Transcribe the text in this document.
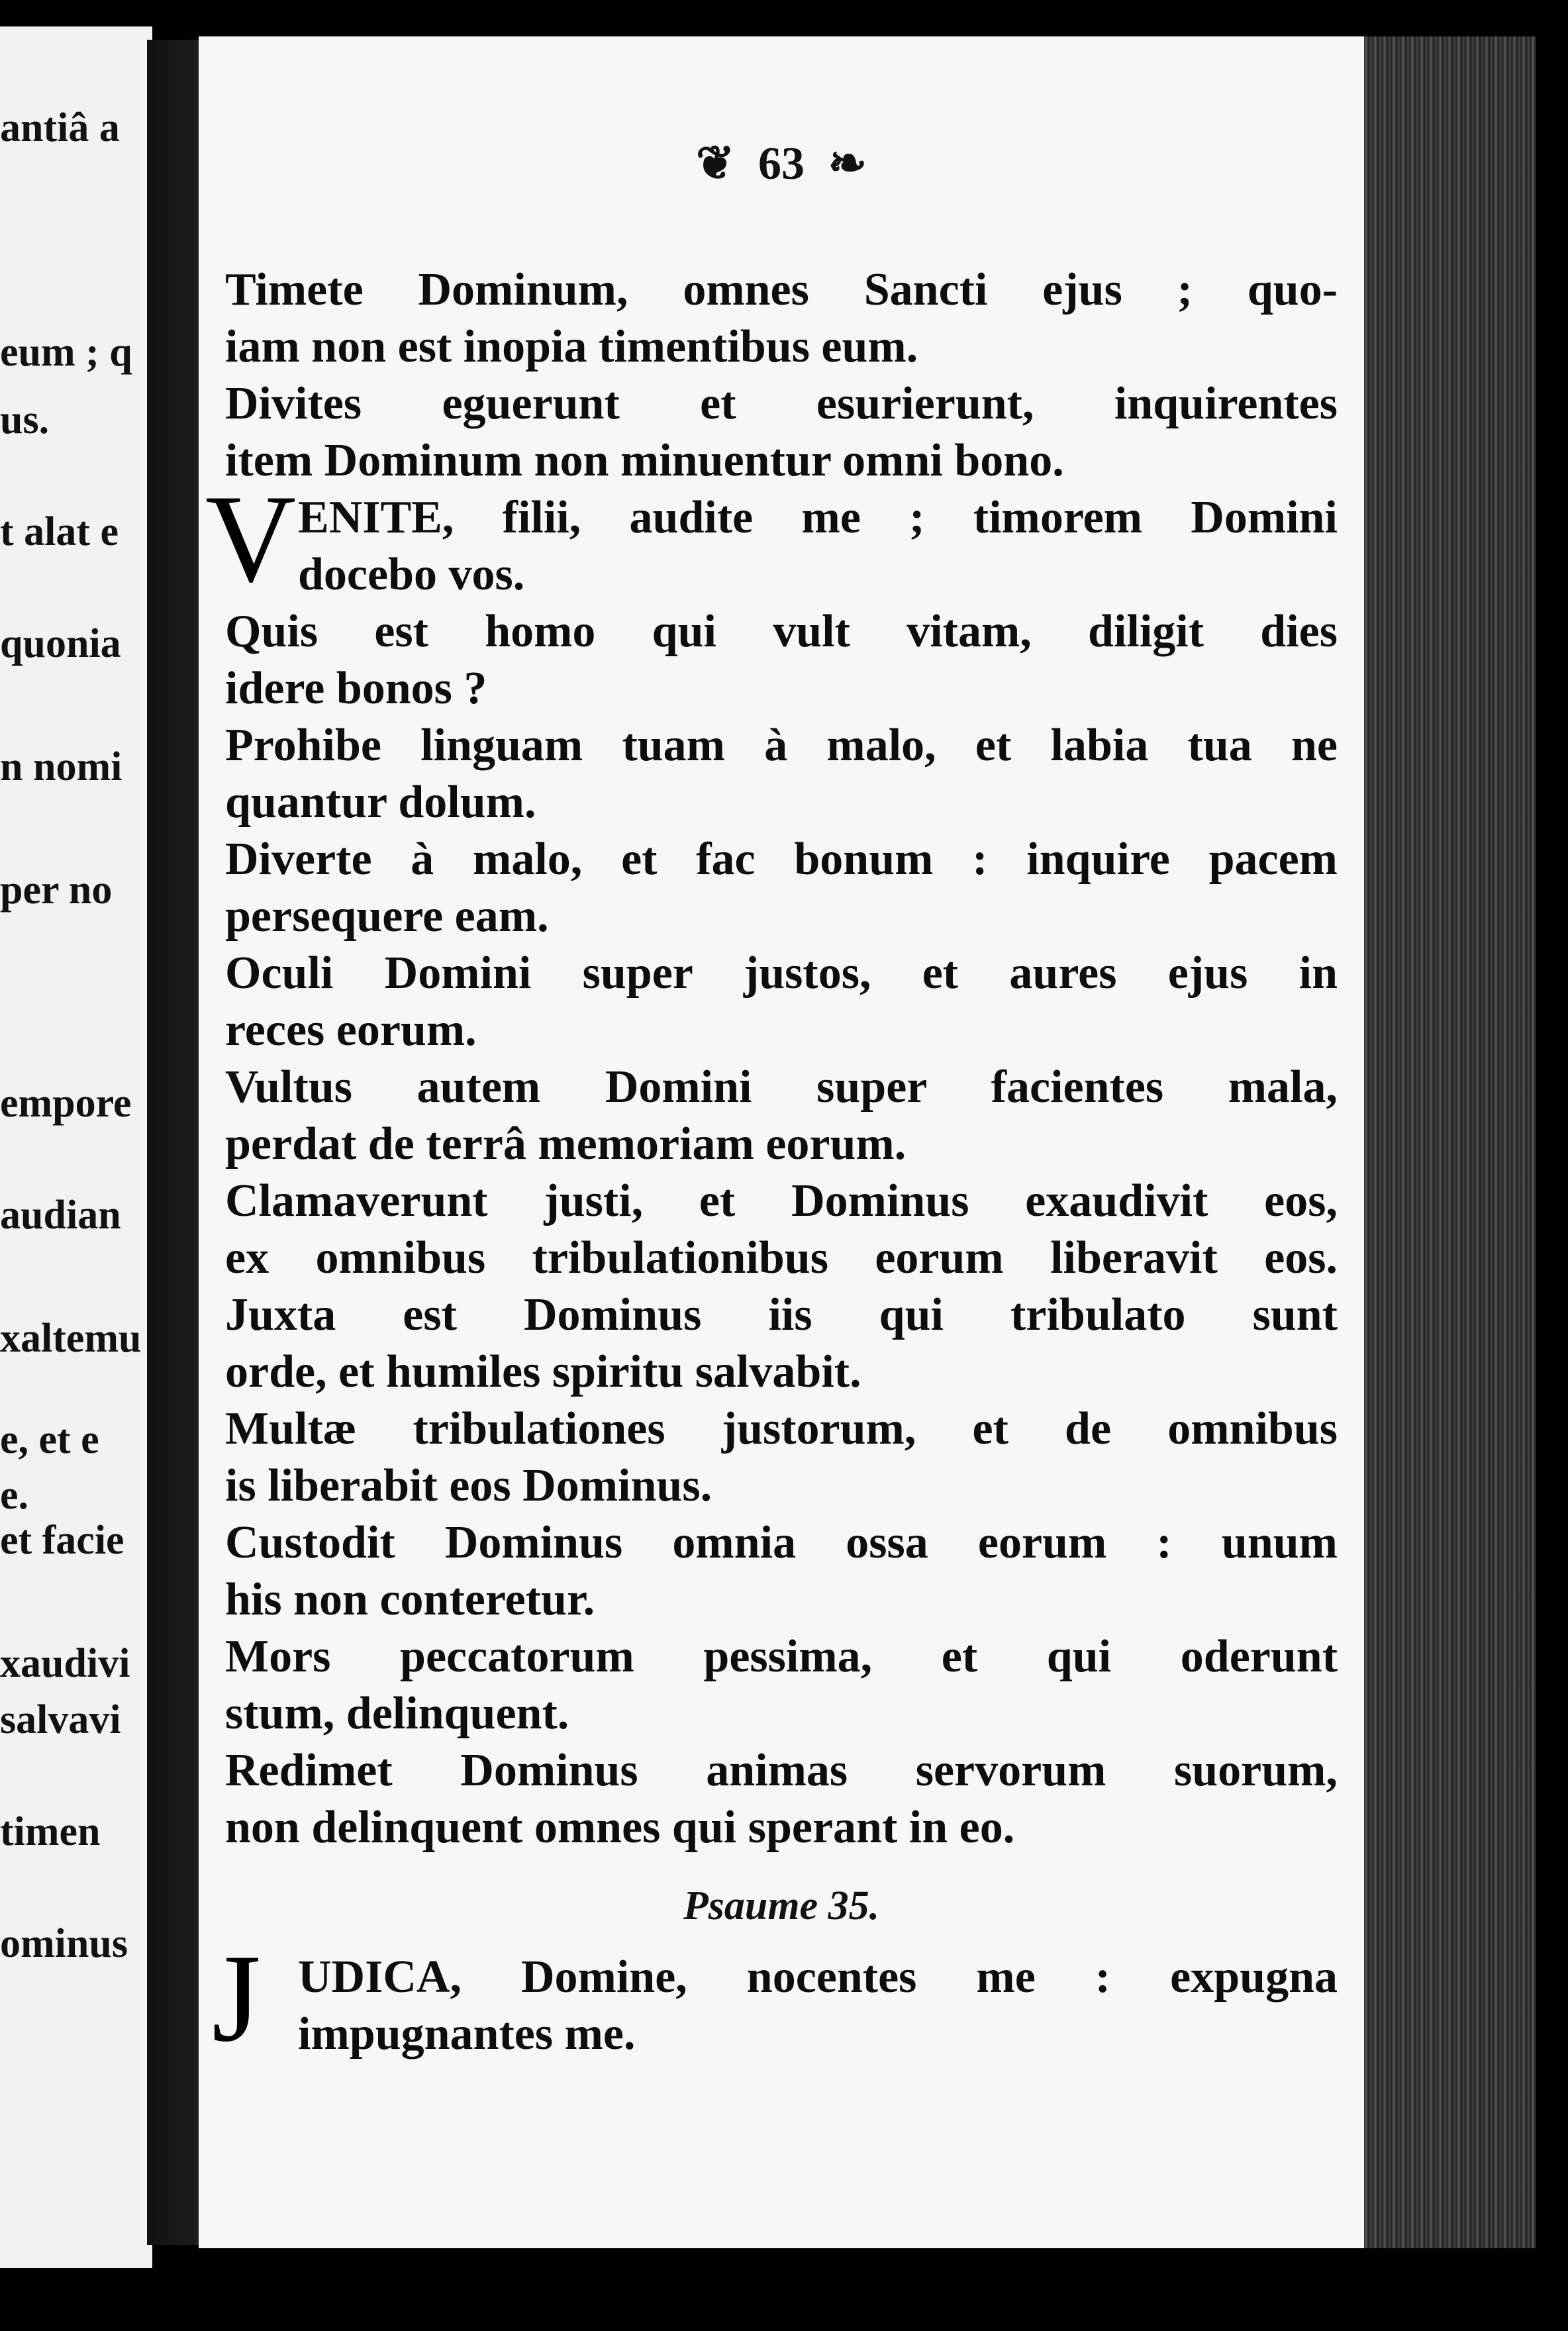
antiâ a
eum ; q
us.
t alat e
quonia
n nomi
per no
empore
audian
xaltemu
e, et e
e.
et facie
xaudivi
salvavi
timen
ominus
❦ 63 ❧
Timete Dominum, omnes Sancti ejus ; quo-
iam non est inopia timentibus eum.
Divites eguerunt et esurierunt, inquirentes
item Dominum non minuentur omni bono.
V ENITE, filii, audite me ; timorem Domini
docebo vos.
Quis est homo qui vult vitam, diligit dies
idere bonos ?
Prohibe linguam tuam à malo, et labia tua ne
quantur dolum.
Diverte à malo, et fac bonum : inquire pacem
persequere eam.
Oculi Domini super justos, et aures ejus in
reces eorum.
Vultus autem Domini super facientes mala,
perdat de terrâ memoriam eorum.
Clamaverunt justi, et Dominus exaudivit eos,
ex omnibus tribulationibus eorum liberavit eos.
Juxta est Dominus iis qui tribulato sunt
orde, et humiles spiritu salvabit.
Multæ tribulationes justorum, et de omnibus
is liberabit eos Dominus.
Custodit Dominus omnia ossa eorum : unum
his non conteretur.
Mors peccatorum pessima, et qui oderunt
stum, delinquent.
Redimet Dominus animas servorum suorum,
non delinquent omnes qui sperant in eo.
Psaume 35.
J UDICA, Domine, nocentes me : expugna
impugnantes me.
